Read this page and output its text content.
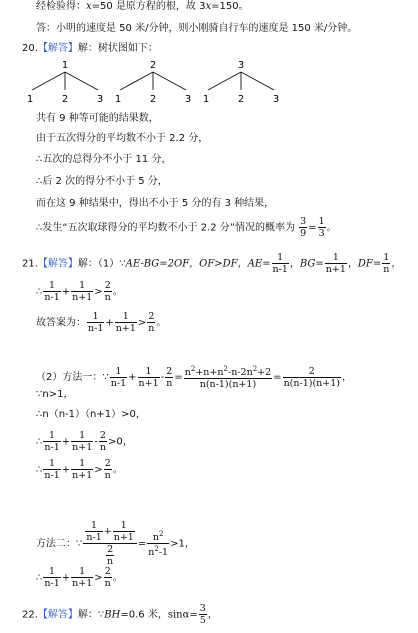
经检验得：x=50 是原方程的根，故 3x=150。
答：小明的速度是 50 米/分钟，则小刚骑自行车的速度是 150 米/分钟。
20.【解答】解：树状图如下：
1
1	2	3
2
1	2	3
3
1	2	3
共有 9 种等可能的结果数，
由于五次得分的平均数不小于 2.2 分，
∴五次的总得分不小于 11 分，
∴后 2 次的得分不小于 5 分，
而在这 9 种结果中，得出不小于 5 分的有 3 种结果，
∴发生“五次取球得分的平均数不小于 2.2 分”情况的概率为 $\frac{3}{9} = \frac{1}{3}$ 。
21.【解答】解：（1）∵AE-BG=2OF，OF>DF，$AE= \frac{1}{n-1}$ ，$BG= \frac{1}{n+1}$ ，$DF= \frac{1}{n}$ ，
∴ $\frac{1}{n-1} + \frac{1}{n+1} > \frac{2}{n}$ 。
故答案为： $\frac{1}{n-1} + \frac{1}{n+1} > \frac{2}{n}$ 。
（2）方法一：∵ $\frac{1}{n-1} + \frac{1}{n+1} - \frac{2}{n} = \frac{n^2+n+n^2-n-2n^2+2}{n(n-1)(n+1)} = \frac{2}{n(n-1)(n+1)}$ ，
∵n>1，
∴n（n-1）（n+1）>0，
∴ $\frac{1}{n-1} + \frac{1}{n+1} - \frac{2}{n} >0$，
∴ $\frac{1}{n-1} + \frac{1}{n+1} > \frac{2}{n}$ 。
方法二：∵ $\frac{\frac{1}{n-1} + \frac{1}{n+1}}{\frac{2}{n}} = \frac{n^2}{n^2-1} >1$，
∴ $\frac{1}{n-1} + \frac{1}{n+1} > \frac{2}{n}$ 。
22.【解答】解：∵BH=0.6 米，$\sin\alpha= \frac{3}{5}$ ，
